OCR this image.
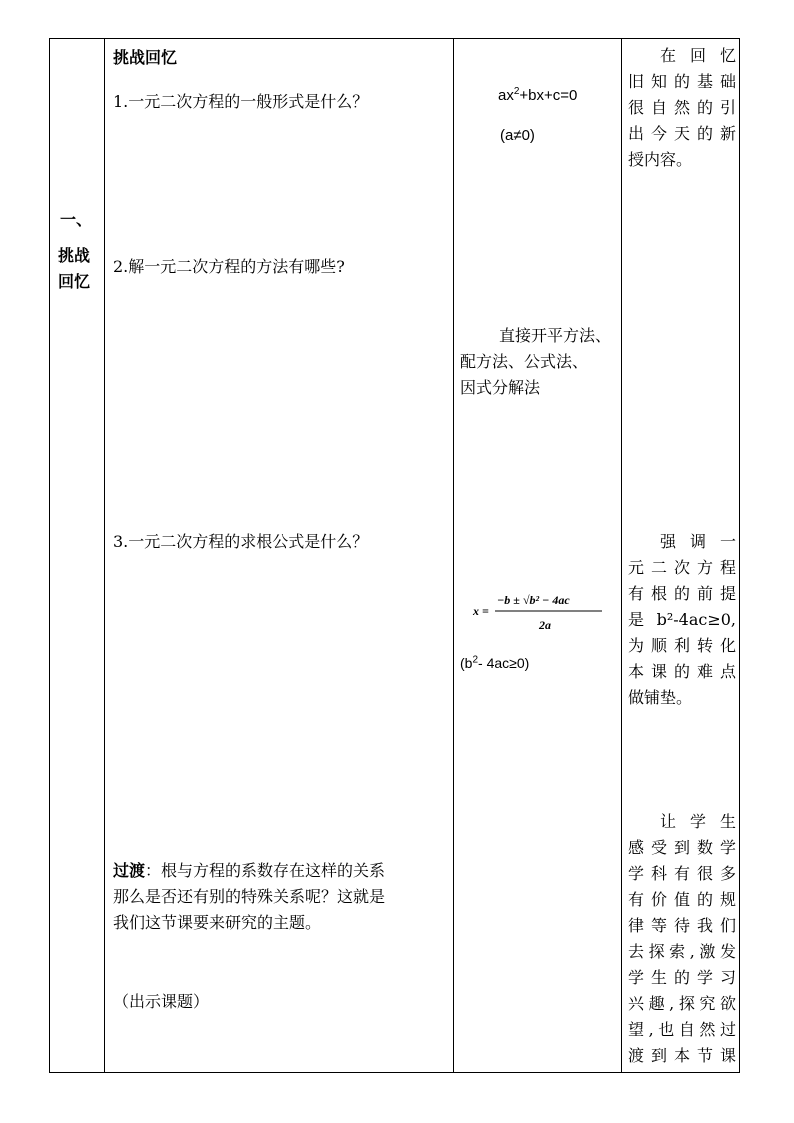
一、
挑战
回忆
挑战回忆
1.一元二次方程的一般形式是什么？
2.解一元二次方程的方法有哪些?
3.一元二次方程的求根公式是什么？
过渡：根与方程的系数存在这样的关系
那么是否还有别的特殊关系呢？这就是
我们这节课要来研究的主题。
（出示课题）
$ax^2+bx+c=0$
(a≠0)
直接开平方法、
配方法、公式法、
因式分解法
x =
−b ± √b² − 4ac
2a
($b^2-$ 4ac≥0)
在回忆
旧知的基础
很自然的引
出今天的新
授内容。
强调一
元二次方程
有根的前提
是b²-4ac≥0,
为顺利转化
本课的难点
做铺垫。
让学生
感受到数学
学科有很多
有价值的规
律等待我们
去探索,激发
学生的学习
兴趣,探究欲
望,也自然过
渡到本节课
